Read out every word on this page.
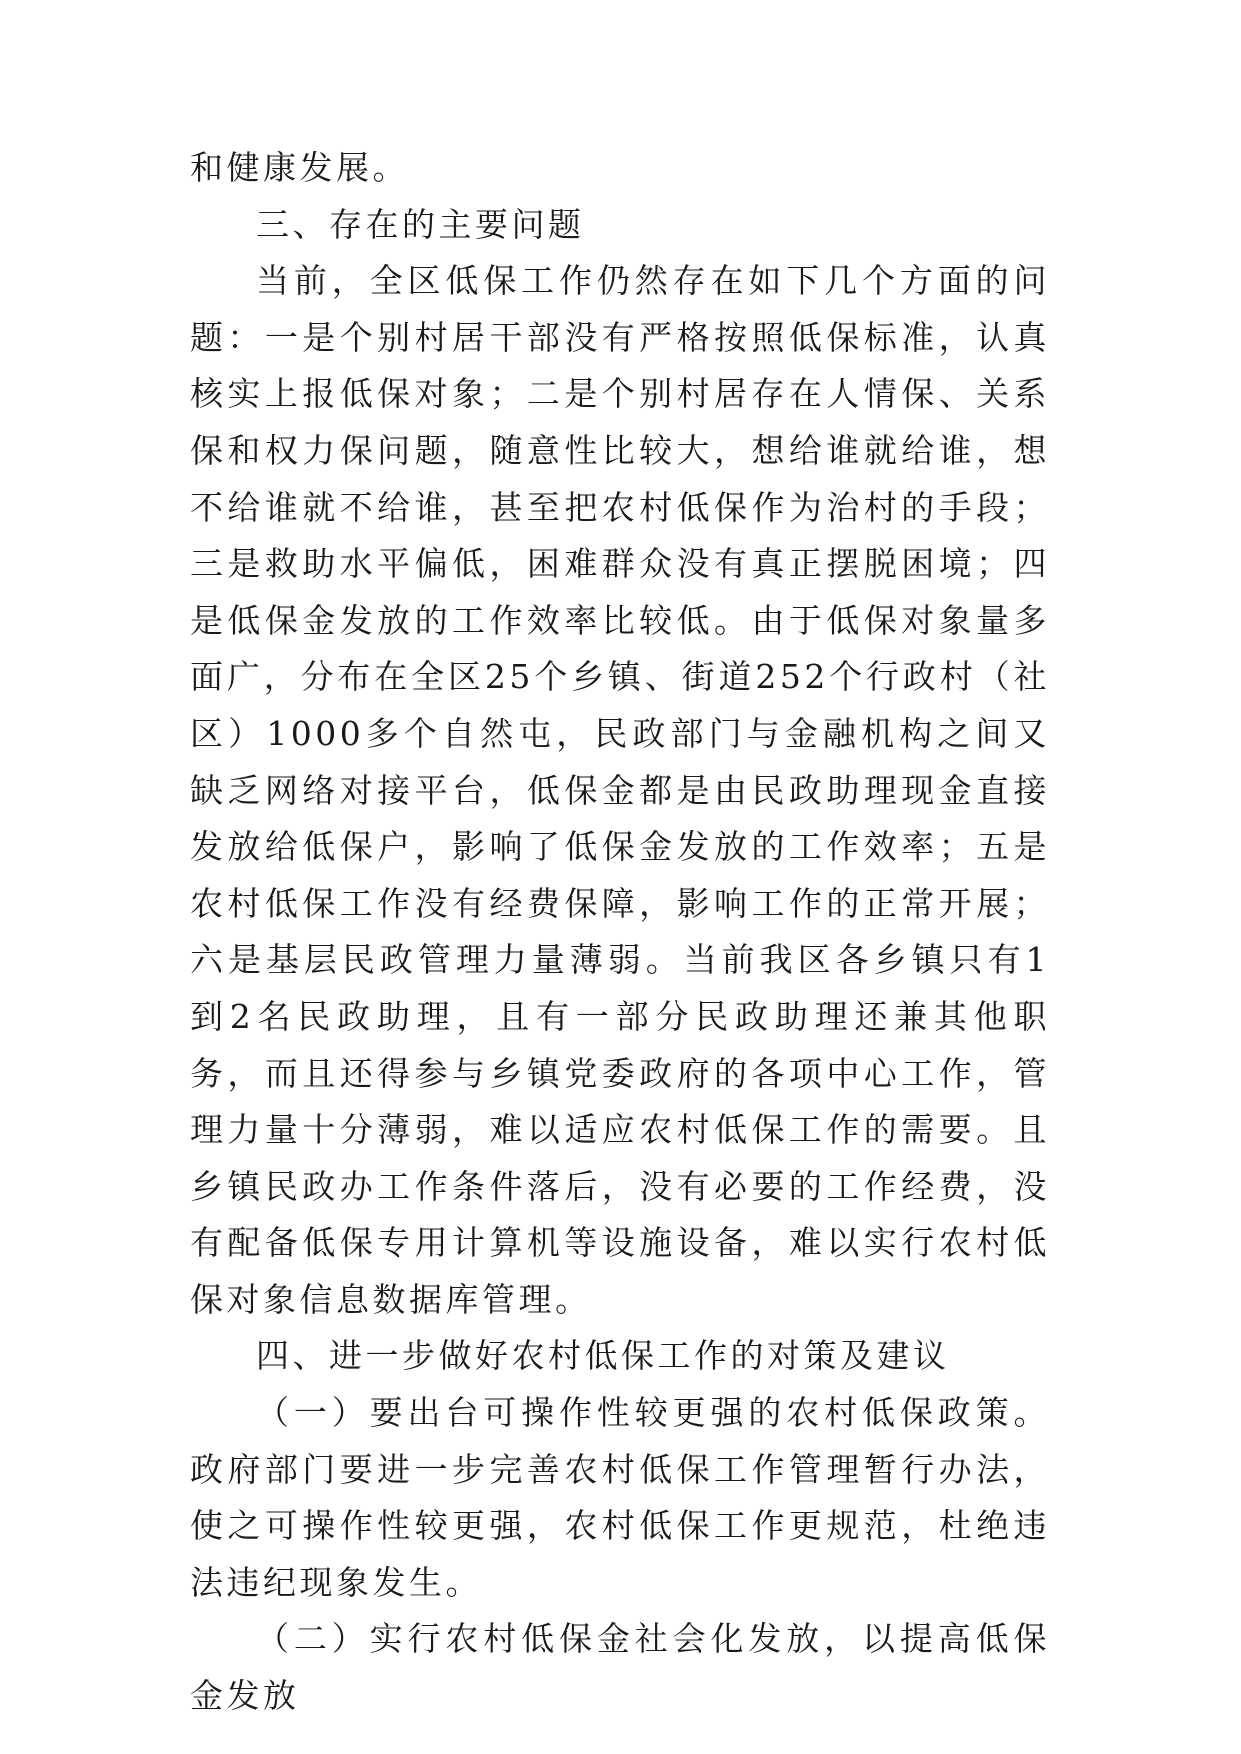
和健康发展。

三、存在的主要问题

当前，全区低保工作仍然存在如下几个方面的问题：一是个别村居干部没有严格按照低保标准，认真核实上报低保对象；二是个别村居存在人情保、关系保和权力保问题，随意性比较大，想给谁就给谁，想不给谁就不给谁，甚至把农村低保作为治村的手段；三是救助水平偏低，困难群众没有真正摆脱困境；四是低保金发放的工作效率比较低。由于低保对象量多面广，分布在全区25个乡镇、街道252个行政村（社区）1000多个自然屯，民政部门与金融机构之间又缺乏网络对接平台，低保金都是由民政助理现金直接发放给低保户，影响了低保金发放的工作效率；五是农村低保工作没有经费保障，影响工作的正常开展；六是基层民政管理力量薄弱。当前我区各乡镇只有1到2名民政助理，且有一部分民政助理还兼其他职务，而且还得参与乡镇党委政府的各项中心工作，管理力量十分薄弱，难以适应农村低保工作的需要。且乡镇民政办工作条件落后，没有必要的工作经费，没有配备低保专用计算机等设施设备，难以实行农村低保对象信息数据库管理。

四、进一步做好农村低保工作的对策及建议

（一）要出台可操作性较更强的农村低保政策。政府部门要进一步完善农村低保工作管理暂行办法，使之可操作性较更强，农村低保工作更规范，杜绝违法违纪现象发生。

（二）实行农村低保金社会化发放，以提高低保金发放
